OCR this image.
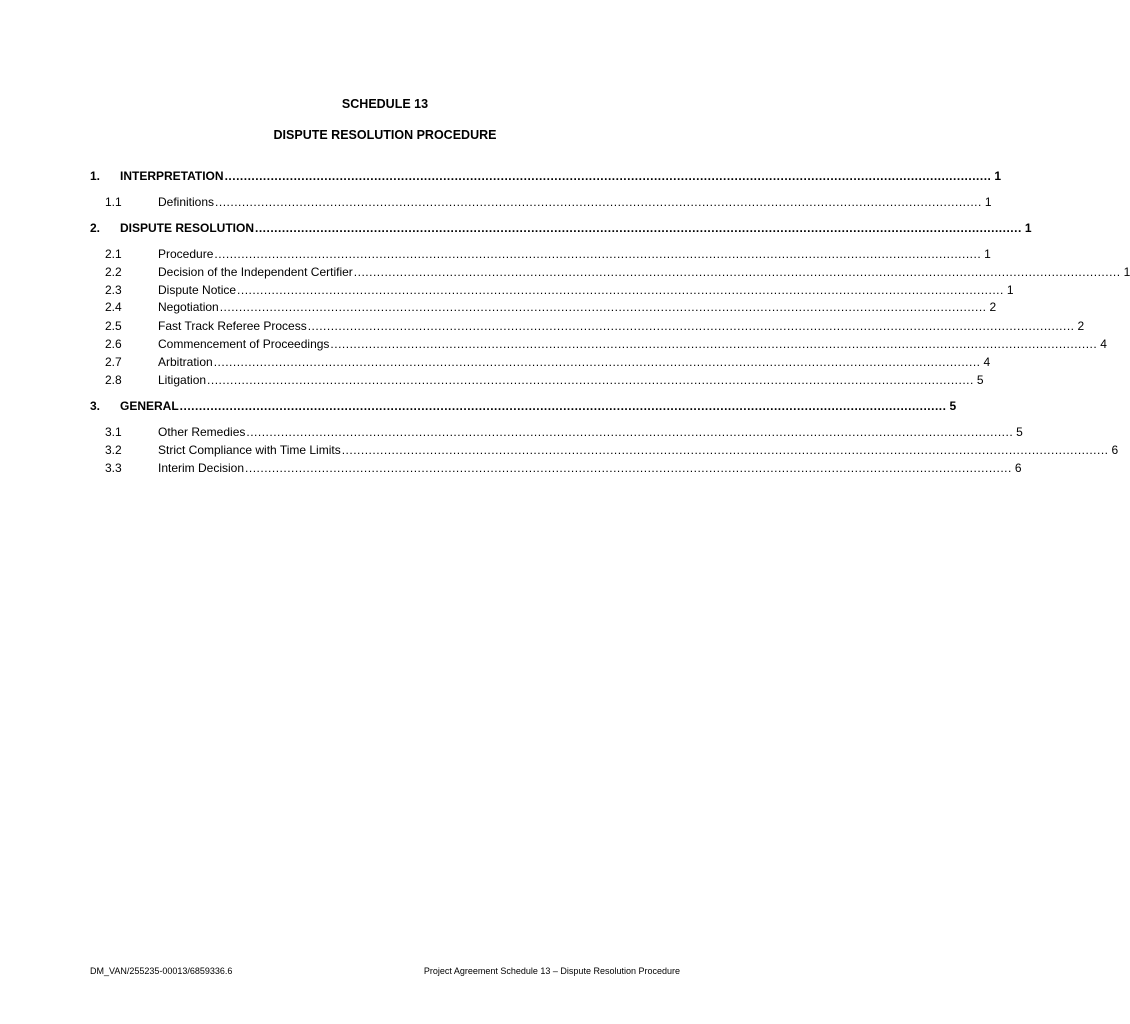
SCHEDULE 13
DISPUTE RESOLUTION PROCEDURE
1. INTERPRETATION ........................................................................................................................................................................................................ 1
1.1	Definitions ........................................................................................................................................................................................................ 1
2. DISPUTE RESOLUTION ........................................................................................................................................................................................................ 1
2.1	Procedure ........................................................................................................................................................................................................ 1
2.2	Decision of the Independent Certifier ........................................................................................................................................................................................................ 1
2.3	Dispute Notice ........................................................................................................................................................................................................ 1
2.4	Negotiation ........................................................................................................................................................................................................ 2
2.5	Fast Track Referee Process ........................................................................................................................................................................................................ 2
2.6	Commencement of Proceedings ........................................................................................................................................................................................................ 4
2.7	Arbitration ........................................................................................................................................................................................................ 4
2.8	Litigation ........................................................................................................................................................................................................ 5
3. GENERAL ........................................................................................................................................................................................................ 5
3.1	Other Remedies ........................................................................................................................................................................................................ 5
3.2	Strict Compliance with Time Limits ........................................................................................................................................................................................................ 6
3.3	Interim Decision ........................................................................................................................................................................................................ 6
DM_VAN/255235-00013/6859336.6	Project Agreement Schedule 13 – Dispute Resolution Procedure
